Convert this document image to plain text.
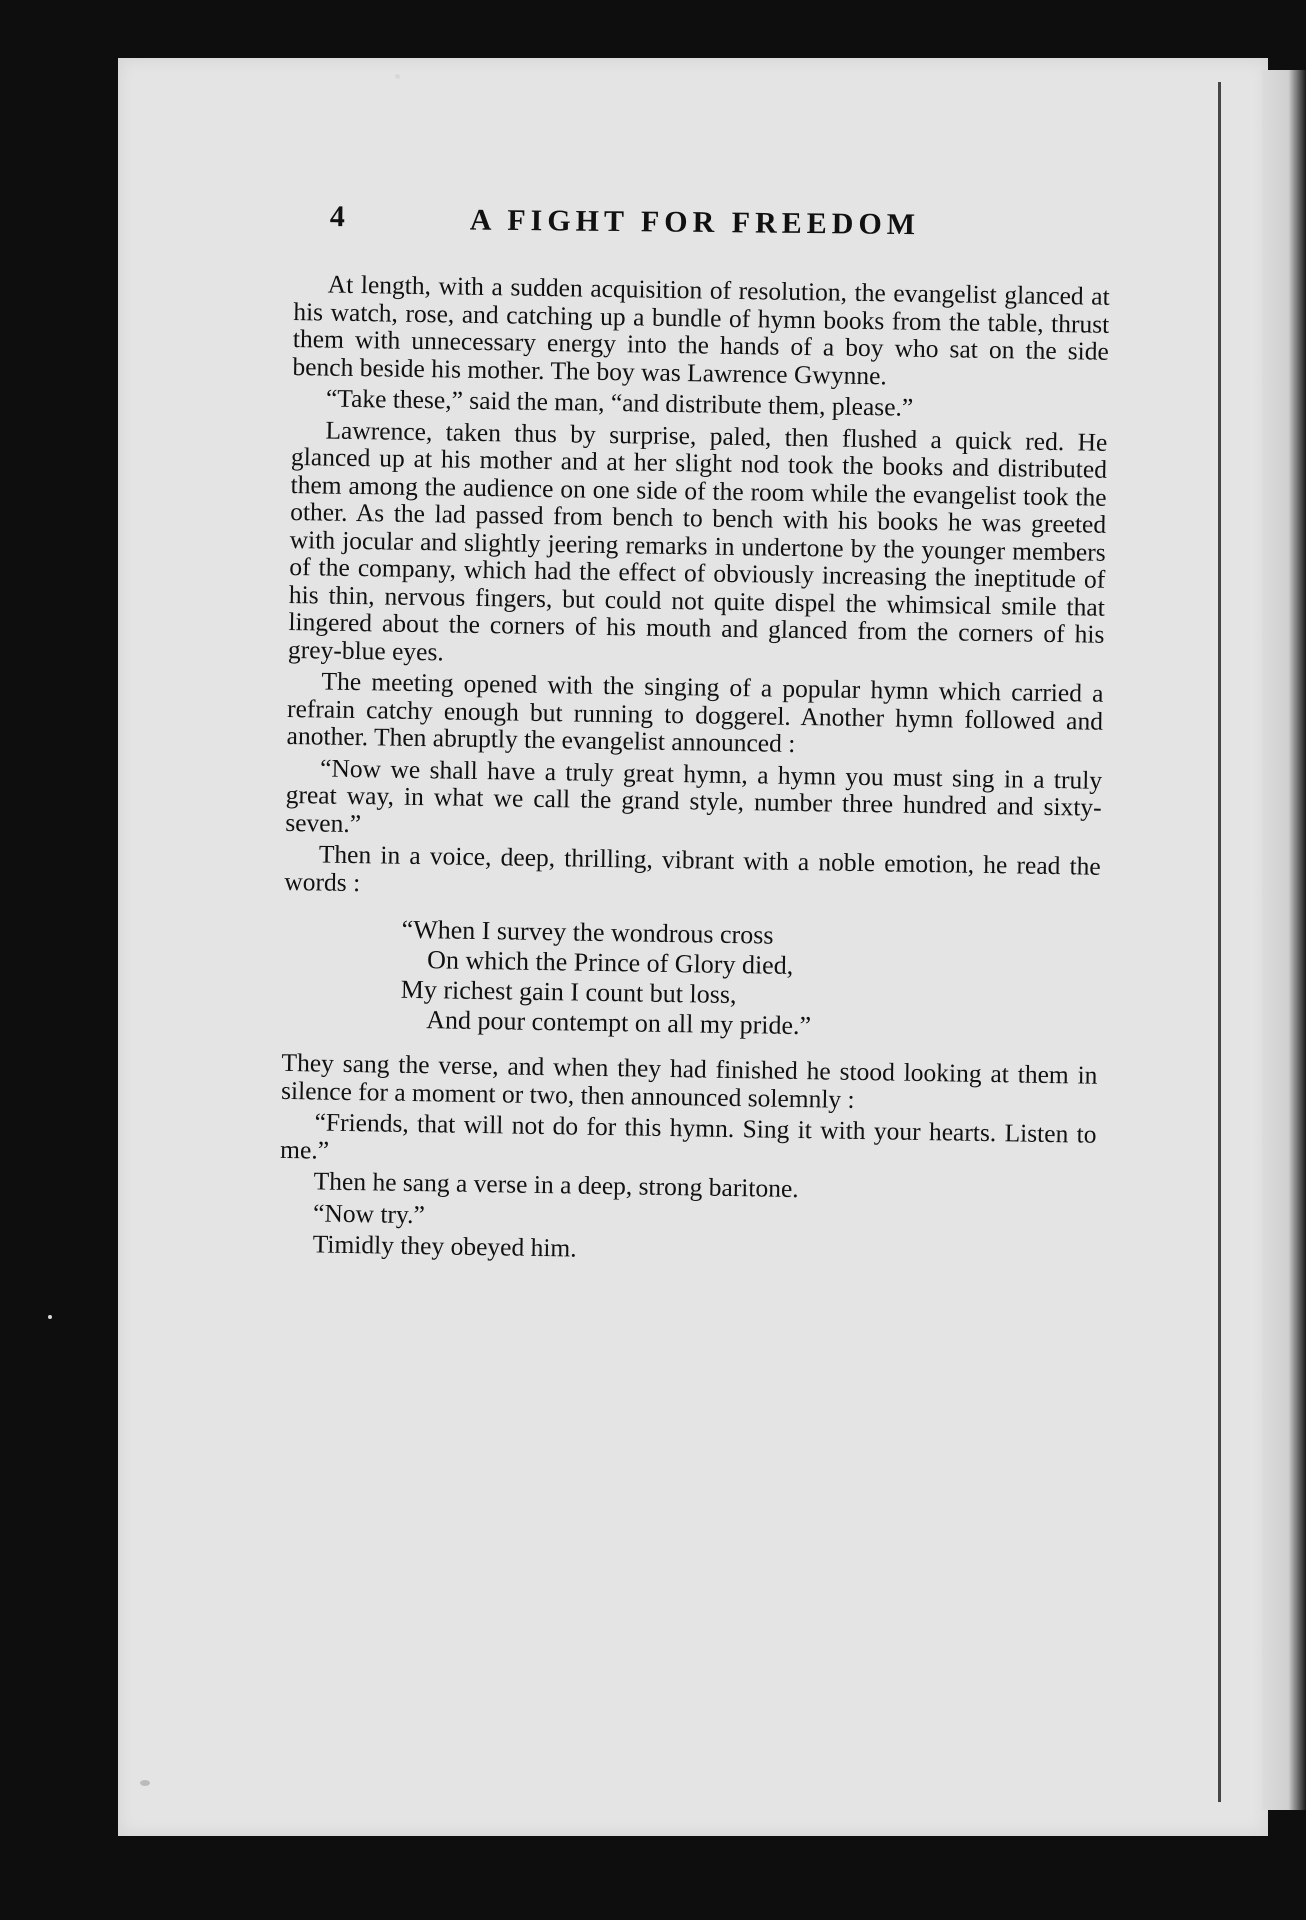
4	A FIGHT FOR FREEDOM

At length, with a sudden acquisition of resolution, the evangelist glanced at his watch, rose, and catching up a bundle of hymn books from the table, thrust them with unnecessary energy into the hands of a boy who sat on the side bench beside his mother. The boy was Lawrence Gwynne.

“Take these,” said the man, “and distribute them, please.”

Lawrence, taken thus by surprise, paled, then flushed a quick red. He glanced up at his mother and at her slight nod took the books and distributed them among the audience on one side of the room while the evangelist took the other. As the lad passed from bench to bench with his books he was greeted with jocular and slightly jeering remarks in undertone by the younger members of the company, which had the effect of obviously increasing the ineptitude of his thin, nervous fingers, but could not quite dispel the whimsical smile that lingered about the corners of his mouth and glanced from the corners of his grey-blue eyes.

The meeting opened with the singing of a popular hymn which carried a refrain catchy enough but running to doggerel. Another hymn followed and another. Then abruptly the evangelist announced :

“Now we shall have a truly great hymn, a hymn you must sing in a truly great way, in what we call the grand style, number three hundred and sixty-seven.”

Then in a voice, deep, thrilling, vibrant with a noble emotion, he read the words :

“When I survey the wondrous cross
On which the Prince of Glory died,
My richest gain I count but loss,
And pour contempt on all my pride.”

They sang the verse, and when they had finished he stood looking at them in silence for a moment or two, then announced solemnly :

“Friends, that will not do for this hymn. Sing it with your hearts. Listen to me.”

Then he sang a verse in a deep, strong baritone.

“Now try.”

Timidly they obeyed him.
